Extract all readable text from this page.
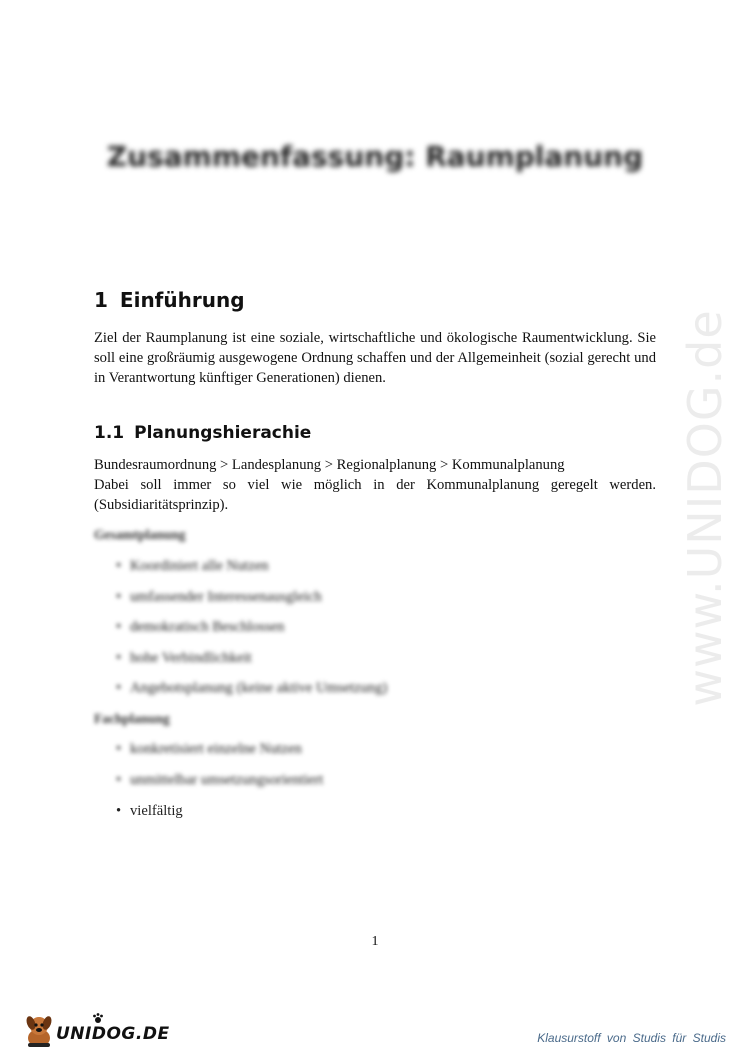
www.UNIDOG.de
Zusammenfassung: Raumplanung
1 Einführung

Ziel der Raumplanung ist eine soziale, wirtschaftliche und ökologische Raumentwicklung. Sie soll eine großräumig ausgewogene Ordnung schaffen und der Allgemeinheit (sozial gerecht und in Verantwortung künftiger Generationen) dienen.

1.1 Planungshierachie
Bundesraumordnung > Landesplanung > Regionalplanung > Kommunalplanung
Dabei soll immer so viel wie möglich in der Kommunalplanung geregelt werden. (Subsidiaritätsprinzip).
Gesamtplanung
• Koordiniert alle Nutzen
• umfassender Interessenausgleich
• demokratisch Beschlossen
• hohe Verbindlichkeit
• Angebotsplanung (keine aktive Umsetzung)
Fachplanung
• konkretisiert einzelne Nutzen
• unmittelbar umsetzungsorientiert
• vielfältig
1
UNIDOG.DE	Klausurstoff von Studis für Studis
